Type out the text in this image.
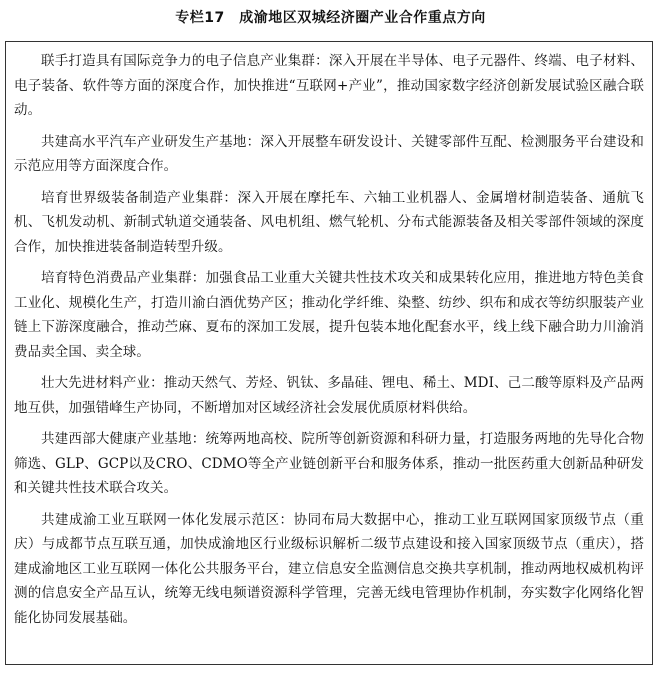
专栏17　成渝地区双城经济圈产业合作重点方向

联手打造具有国际竞争力的电子信息产业集群：深入开展在半导体、电子元器件、终端、电子材料、电子装备、软件等方面的深度合作，加快推进“互联网+产业”，推动国家数字经济创新发展试验区融合联动。

共建高水平汽车产业研发生产基地：深入开展整车研发设计、关键零部件互配、检测服务平台建设和示范应用等方面深度合作。

培育世界级装备制造产业集群：深入开展在摩托车、六轴工业机器人、金属增材制造装备、通航飞机、飞机发动机、新制式轨道交通装备、风电机组、燃气轮机、分布式能源装备及相关零部件领域的深度合作，加快推进装备制造转型升级。

培育特色消费品产业集群：加强食品工业重大关键共性技术攻关和成果转化应用，推进地方特色美食工业化、规模化生产，打造川渝白酒优势产区；推动化学纤维、染整、纺纱、织布和成衣等纺织服装产业链上下游深度融合，推动苎麻、夏布的深加工发展，提升包装本地化配套水平，线上线下融合助力川渝消费品卖全国、卖全球。

壮大先进材料产业：推动天然气、芳烃、钒钛、多晶硅、锂电、稀土、MDI、己二酸等原料及产品两地互供，加强错峰生产协同，不断增加对区域经济社会发展优质原材料供给。

共建西部大健康产业基地：统筹两地高校、院所等创新资源和科研力量，打造服务两地的先导化合物筛选、GLP、GCP以及CRO、CDMO等全产业链创新平台和服务体系，推动一批医药重大创新品种研发和关键共性技术联合攻关。

共建成渝工业互联网一体化发展示范区：协同布局大数据中心，推动工业互联网国家顶级节点（重庆）与成都节点互联互通，加快成渝地区行业级标识解析二级节点建设和接入国家顶级节点（重庆），搭建成渝地区工业互联网一体化公共服务平台，建立信息安全监测信息交换共享机制，推动两地权威机构评测的信息安全产品互认，统筹无线电频谱资源科学管理，完善无线电管理协作机制，夯实数字化网络化智能化协同发展基础。
